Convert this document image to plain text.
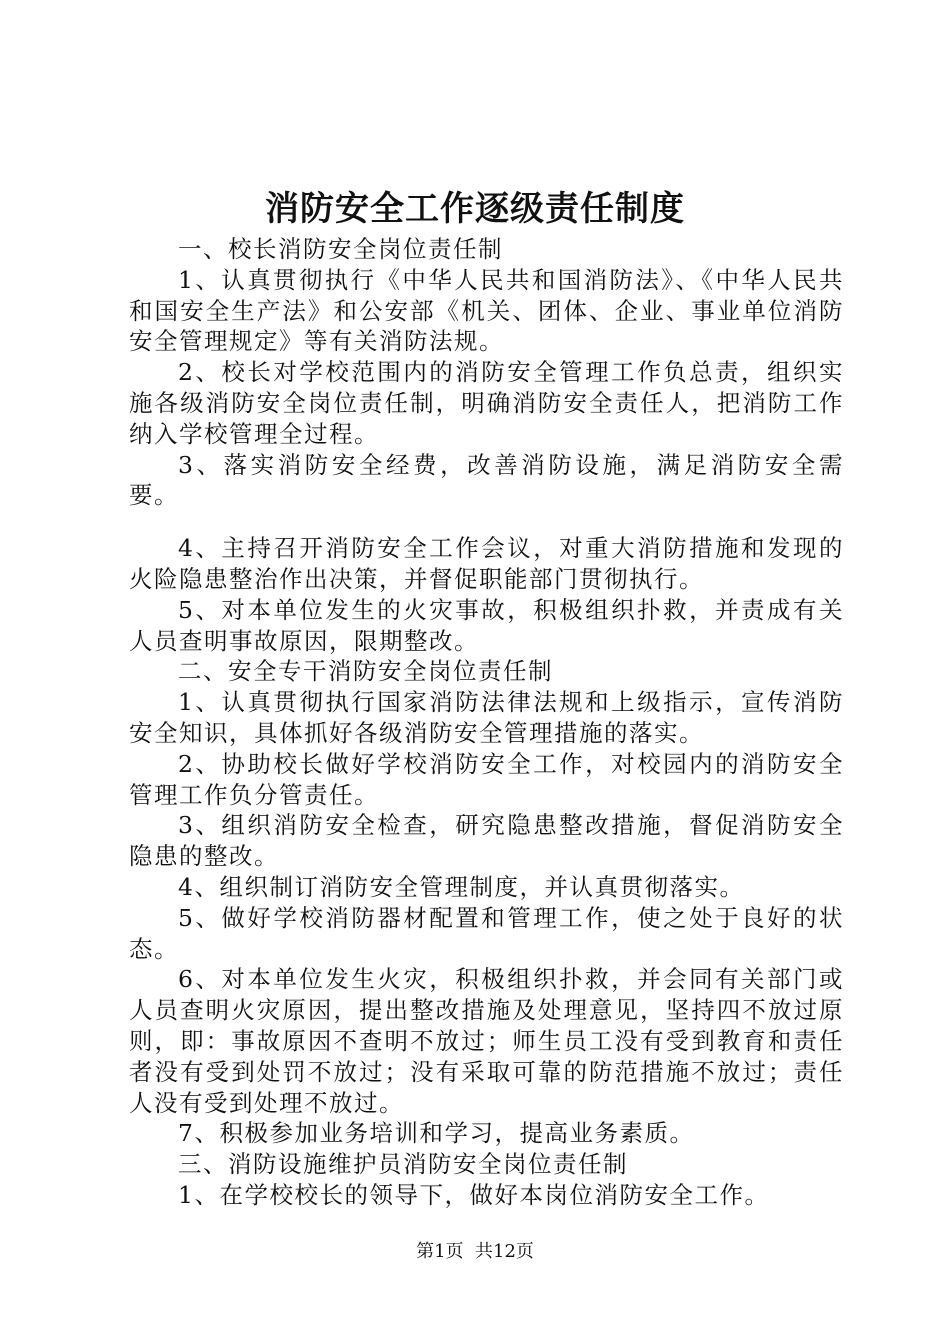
消防安全工作逐级责任制度

一、校长消防安全岗位责任制

1、认真贯彻执行《中华人民共和国消防法》、《中华人民共和国安全生产法》和公安部《机关、团体、企业、事业单位消防安全管理规定》等有关消防法规。

2、校长对学校范围内的消防安全管理工作负总责，组织实施各级消防安全岗位责任制，明确消防安全责任人，把消防工作纳入学校管理全过程。

3、落实消防安全经费，改善消防设施，满足消防安全需要。

4、主持召开消防安全工作会议，对重大消防措施和发现的火险隐患整治作出决策，并督促职能部门贯彻执行。

5、对本单位发生的火灾事故，积极组织扑救，并责成有关人员查明事故原因，限期整改。

二、安全专干消防安全岗位责任制

1、认真贯彻执行国家消防法律法规和上级指示，宣传消防安全知识，具体抓好各级消防安全管理措施的落实。

2、协助校长做好学校消防安全工作，对校园内的消防安全管理工作负分管责任。

3、组织消防安全检查，研究隐患整改措施，督促消防安全隐患的整改。

4、组织制订消防安全管理制度，并认真贯彻落实。

5、做好学校消防器材配置和管理工作，使之处于良好的状态。

6、对本单位发生火灾，积极组织扑救，并会同有关部门或人员查明火灾原因，提出整改措施及处理意见，坚持四不放过原则，即：事故原因不查明不放过；师生员工没有受到教育和责任者没有受到处罚不放过；没有采取可靠的防范措施不放过；责任人没有受到处理不放过。

7、积极参加业务培训和学习，提高业务素质。

三、消防设施维护员消防安全岗位责任制

1、在学校校长的领导下，做好本岗位消防安全工作。

第1页  共12页
